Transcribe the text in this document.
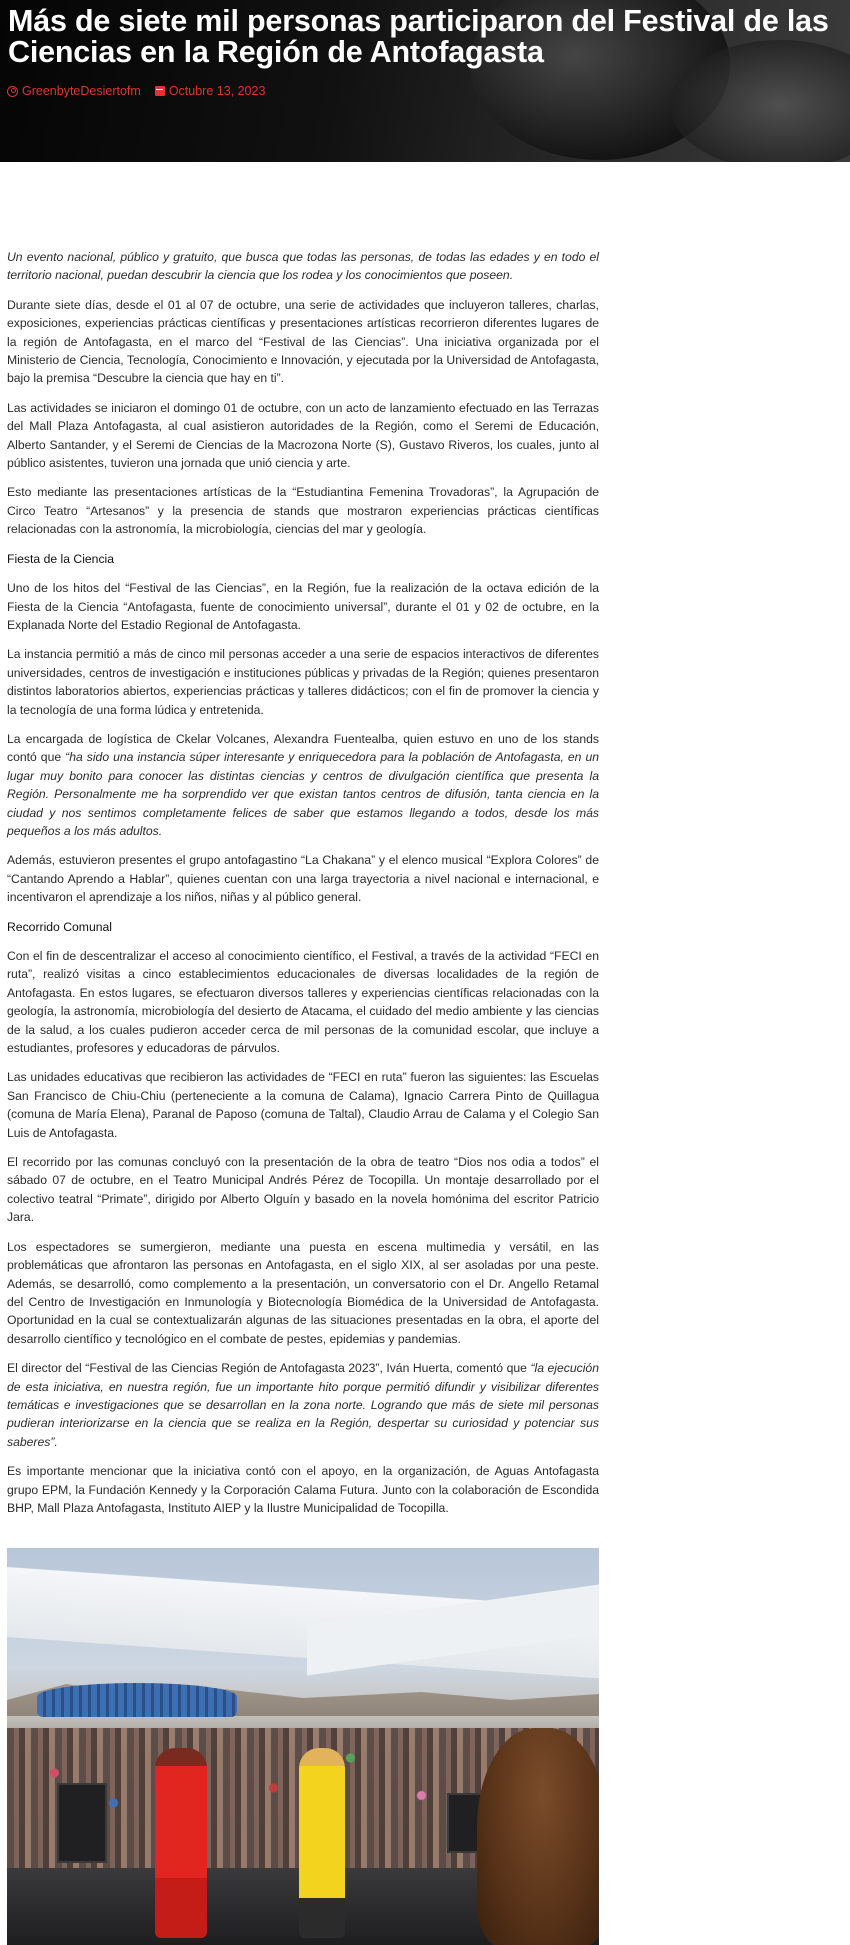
Más de siete mil personas participaron del Festival de las Ciencias en la Región de Antofagasta
GreenbyteDesiertofm Octubre 13, 2023

Un evento nacional, público y gratuito, que busca que todas las personas, de todas las edades y en todo el territorio nacional, puedan descubrir la ciencia que los rodea y los conocimientos que poseen.

Durante siete días, desde el 01 al 07 de octubre, una serie de actividades que incluyeron talleres, charlas, exposiciones, experiencias prácticas científicas y presentaciones artísticas recorrieron diferentes lugares de la región de Antofagasta, en el marco del “Festival de las Ciencias”. Una iniciativa organizada por el Ministerio de Ciencia, Tecnología, Conocimiento e Innovación, y ejecutada por la Universidad de Antofagasta, bajo la premisa “Descubre la ciencia que hay en ti”.

Las actividades se iniciaron el domingo 01 de octubre, con un acto de lanzamiento efectuado en las Terrazas del Mall Plaza Antofagasta, al cual asistieron autoridades de la Región, como el Seremi de Educación, Alberto Santander, y el Seremi de Ciencias de la Macrozona Norte (S), Gustavo Riveros, los cuales, junto al público asistentes, tuvieron una jornada que unió ciencia y arte.

Esto mediante las presentaciones artísticas de la “Estudiantina Femenina Trovadoras”, la Agrupación de Circo Teatro “Artesanos” y la presencia de stands que mostraron experiencias prácticas científicas relacionadas con la astronomía, la microbiología, ciencias del mar y geología.

Fiesta de la Ciencia

Uno de los hitos del “Festival de las Ciencias”, en la Región, fue la realización de la octava edición de la Fiesta de la Ciencia “Antofagasta, fuente de conocimiento universal”, durante el 01 y 02 de octubre, en la Explanada Norte del Estadio Regional de Antofagasta.

La instancia permitió a más de cinco mil personas acceder a una serie de espacios interactivos de diferentes universidades, centros de investigación e instituciones públicas y privadas de la Región; quienes presentaron distintos laboratorios abiertos, experiencias prácticas y talleres didácticos; con el fin de promover la ciencia y la tecnología de una forma lúdica y entretenida.

La encargada de logística de Ckelar Volcanes, Alexandra Fuentealba, quien estuvo en uno de los stands contó que “ha sido una instancia súper interesante y enriquecedora para la población de Antofagasta, en un lugar muy bonito para conocer las distintas ciencias y centros de divulgación científica que presenta la Región. Personalmente me ha sorprendido ver que existan tantos centros de difusión, tanta ciencia en la ciudad y nos sentimos completamente felices de saber que estamos llegando a todos, desde los más pequeños a los más adultos.

Además, estuvieron presentes el grupo antofagastino “La Chakana” y el elenco musical “Explora Colores” de “Cantando Aprendo a Hablar”, quienes cuentan con una larga trayectoria a nivel nacional e internacional, e incentivaron el aprendizaje a los niños, niñas y al público general.

Recorrido Comunal

Con el fin de descentralizar el acceso al conocimiento científico, el Festival, a través de la actividad “FECI en ruta”, realizó visitas a cinco establecimientos educacionales de diversas localidades de la región de Antofagasta. En estos lugares, se efectuaron diversos talleres y experiencias científicas relacionadas con la geología, la astronomía, microbiología del desierto de Atacama, el cuidado del medio ambiente y las ciencias de la salud, a los cuales pudieron acceder cerca de mil personas de la comunidad escolar, que incluye a estudiantes, profesores y educadoras de párvulos.

Las unidades educativas que recibieron las actividades de “FECI en ruta” fueron las siguientes: las Escuelas San Francisco de Chiu-Chiu (perteneciente a la comuna de Calama), Ignacio Carrera Pinto de Quillagua (comuna de María Elena), Paranal de Paposo (comuna de Taltal), Claudio Arrau de Calama y el Colegio San Luis de Antofagasta.

El recorrido por las comunas concluyó con la presentación de la obra de teatro “Dios nos odia a todos” el sábado 07 de octubre, en el Teatro Municipal Andrés Pérez de Tocopilla. Un montaje desarrollado por el colectivo teatral “Primate”, dirigido por Alberto Olguín y basado en la novela homónima del escritor Patricio Jara.

Los espectadores se sumergieron, mediante una puesta en escena multimedia y versátil, en las problemáticas que afrontaron las personas en Antofagasta, en el siglo XIX, al ser asoladas por una peste. Además, se desarrolló, como complemento a la presentación, un conversatorio con el Dr. Angello Retamal del Centro de Investigación en Inmunología y Biotecnología Biomédica de la Universidad de Antofagasta. Oportunidad en la cual se contextualizarán algunas de las situaciones presentadas en la obra, el aporte del desarrollo científico y tecnológico en el combate de pestes, epidemias y pandemias.

El director del “Festival de las Ciencias Región de Antofagasta 2023”, Iván Huerta, comentó que “la ejecución de esta iniciativa, en nuestra región, fue un importante hito porque permitió difundir y visibilizar diferentes temáticas e investigaciones que se desarrollan en la zona norte. Logrando que más de siete mil personas pudieran interiorizarse en la ciencia que se realiza en la Región, despertar su curiosidad y potenciar sus saberes”.

Es importante mencionar que la iniciativa contó con el apoyo, en la organización, de Aguas Antofagasta grupo EPM, la Fundación Kennedy y la Corporación Calama Futura. Junto con la colaboración de Escondida BHP, Mall Plaza Antofagasta, Instituto AIEP y la Ilustre Municipalidad de Tocopilla.
